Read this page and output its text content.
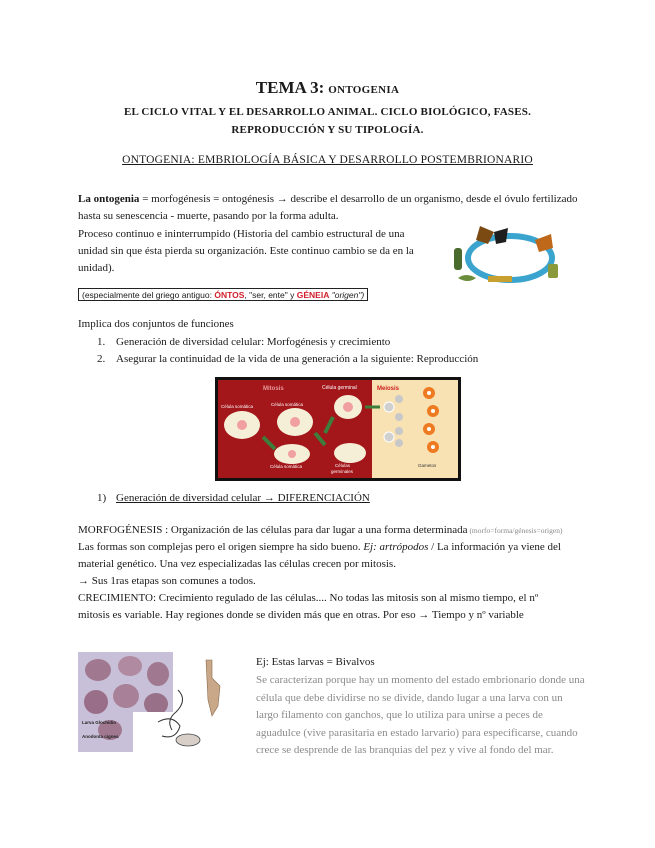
TEMA 3: ONTOGENIA
EL CICLO VITAL Y EL DESARROLLO ANIMAL. CICLO BIOLÓGICO, FASES.
REPRODUCCIÓN Y SU TIPOLOGÍA.
ONTOGENIA: EMBRIOLOGÍA BÁSICA Y DESARROLLO POSTEMBRIONARIO
La ontogenia = morfogénesis = ontogénesis → describe el desarrollo de un organismo, desde el óvulo fertilizado
hasta su senescencia - muerte, pasando por la forma adulta.
Proceso continuo e ininterrumpido (Historia del cambio estructural de una unidad sin que ésta pierda su organización. Este continuo cambio se da en la unidad).
(especialmente del griego antiguo: ÓNTOS, "ser, ente" y GÉNEIA "origen")
Implica dos conjuntos de funciones
1. Generación de diversidad celular: Morfogénesis y crecimiento
2. Asegurar la continuidad de la vida de una generación a la siguiente: Reproducción
Mitosis	Meiosis
Célula germinal
Célula somática	Célula somática
Célula somática	Células
germinales
Gametos
1) Generación de diversidad celular → DIFERENCIACIÓN
MORFOGÉNESIS : Organización de las células para dar lugar a una forma determinada (morfo=forma/génesis=origen)
Las formas son complejas pero el origen siempre ha sido bueno. Ej: artrópodos / La información ya viene del
material genético. Una vez especializadas las células crecen por mitosis.
→ Sus 1ras etapas son comunes a todos.
CRECIMIENTO: Crecimiento regulado de las células.... No todas las mitosis son al mismo tiempo, el nº
mitosis es variable. Hay regiones donde se dividen más que en otras. Por eso → Tiempo y nº variable
Larva Glochidio
Anodonta cignea
Ej: Estas larvas = Bivalvos
Se caracterizan porque hay un momento del estado embrionario donde una célula que debe dividirse no se divide, dando lugar a una larva con un largo filamento con ganchos, que lo utiliza para unirse a peces de aguadulce (vive parasitaria en estado larvario) para especificarse, cuando crece se desprende de las branquias del pez y vive al fondo del mar.
